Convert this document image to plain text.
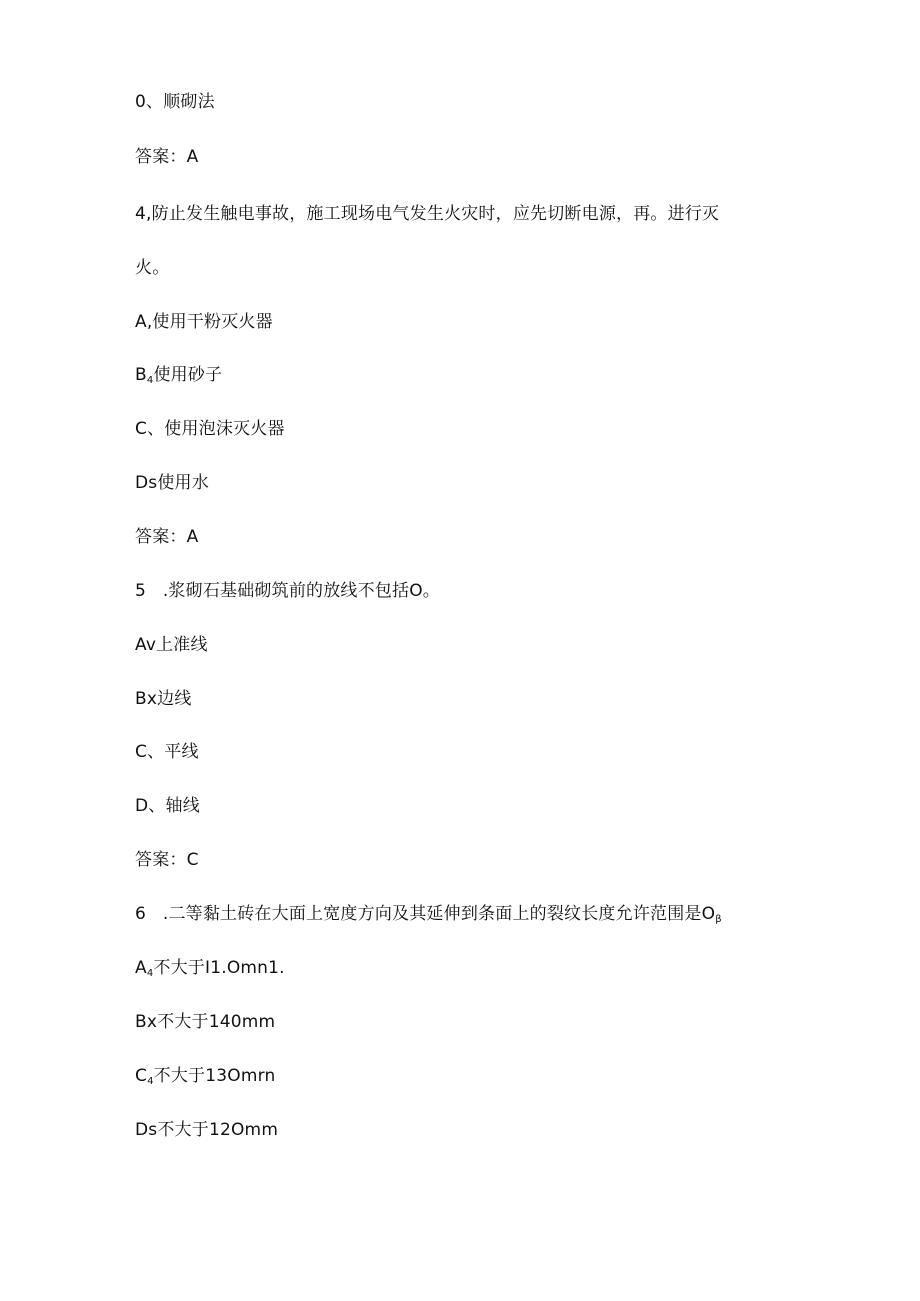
0、顺砌法
答案：A
4,防止发生触电事故，施工现场电气发生火灾时，应先切断电源，再。进行灭
火。
A,使用干粉灭火器
$B_4$使用砂子
C、使用泡沫灭火器
Ds使用水
答案：A
5   .浆砌石基础砌筑前的放线不包括O。
Av上准线
Bx边线
C、平线
D、轴线
答案：C
6   .二等黏土砖在大面上宽度方向及其延伸到条面上的裂纹长度允许范围是$O_\beta$
$A_4$不大于I1.Omn1.
Bx不大于140mm
$C_4$不大于13Omrn
Ds不大于12Omm
